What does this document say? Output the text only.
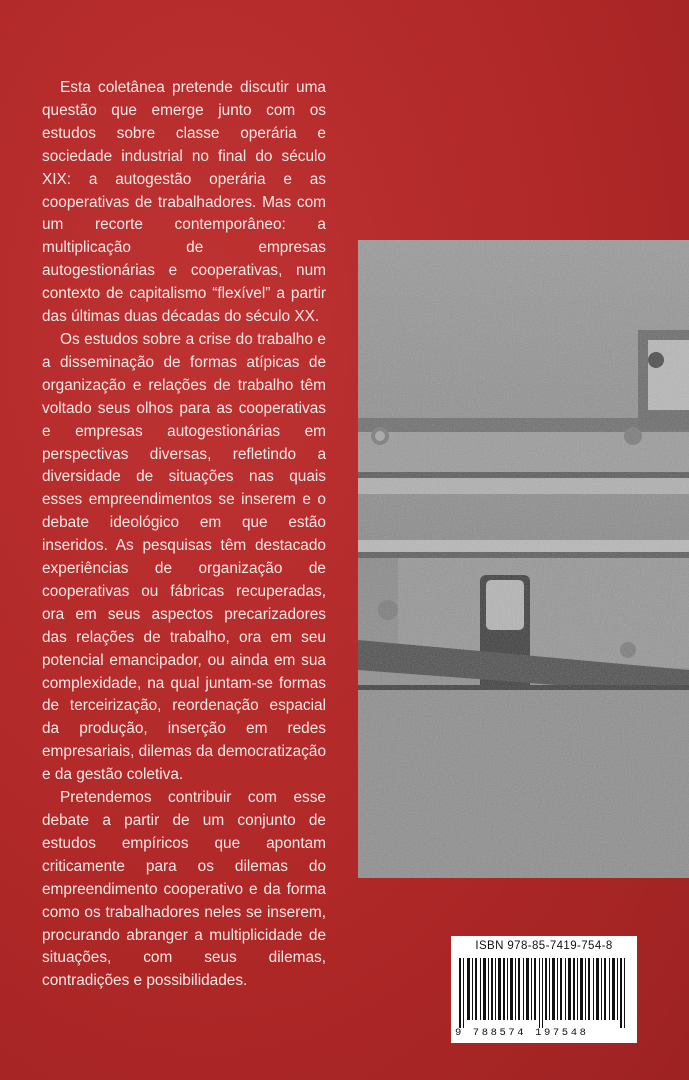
Esta coletânea pretende discutir uma questão que emerge junto com os estudos sobre classe operária e sociedade industrial no final do século XIX: a autogestão operária e as cooperativas de trabalhadores. Mas com um recorte contemporâneo: a multiplicação de empresas autogestionárias e cooperativas, num contexto de capitalismo “flexível” a partir das últimas duas décadas do século XX.

Os estudos sobre a crise do trabalho e a disseminação de formas atípicas de organização e relações de trabalho têm voltado seus olhos para as cooperativas e empresas autogestionárias em perspectivas diversas, refletindo a diversidade de situações nas quais esses empreendimentos se inserem e o debate ideológico em que estão inseridos. As pesquisas têm destacado experiências de organização de cooperativas ou fábricas recuperadas, ora em seus aspectos precarizadores das relações de trabalho, ora em seu potencial emancipador, ou ainda em sua complexidade, na qual juntam-se formas de terceirização, reordenação espacial da produção, inserção em redes empresariais, dilemas da democratização e da gestão coletiva.

Pretendemos contribuir com esse debate a partir de um conjunto de estudos empíricos que apontam criticamente para os dilemas do empreendimento cooperativo e da forma como os trabalhadores neles se inserem, procurando abranger a multiplicidade de situações, com seus dilemas, contradições e possibilidades.

ISBN 978-85-7419-754-8
9 788574 197548
